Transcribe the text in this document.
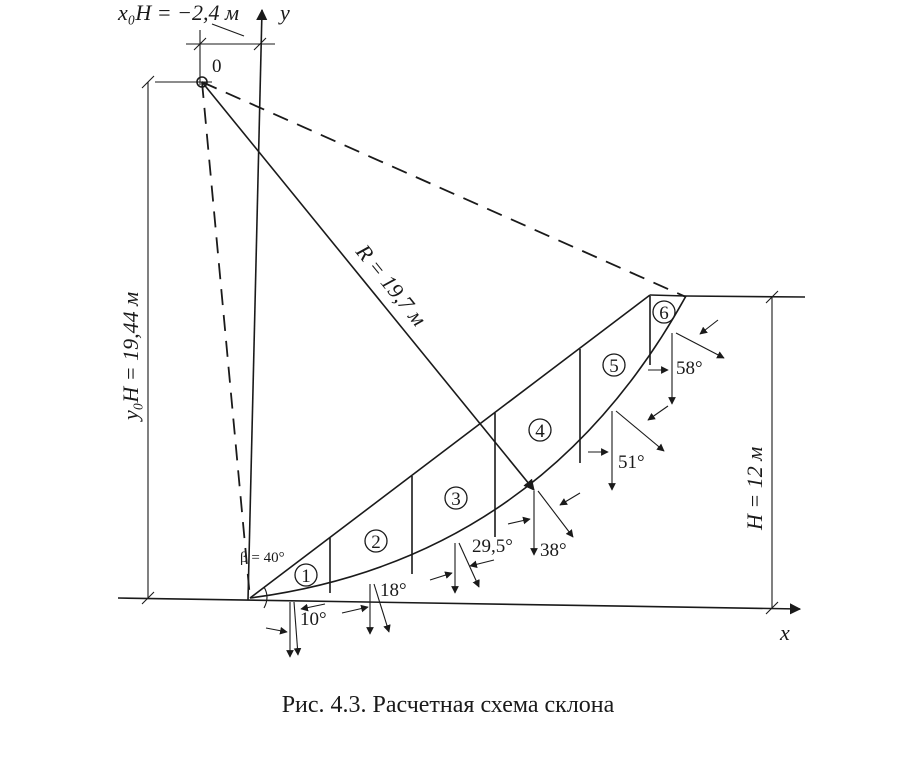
x
y
x₀H = −2,4 м
0
y₀H = 19,44 м
R = 19,7 м
H = 12 м
β = 40°
1
10°
2
18°
3
29,5°
4
38°
5
51°
6
58°
Рис. 4.3. Расчетная схема склона
